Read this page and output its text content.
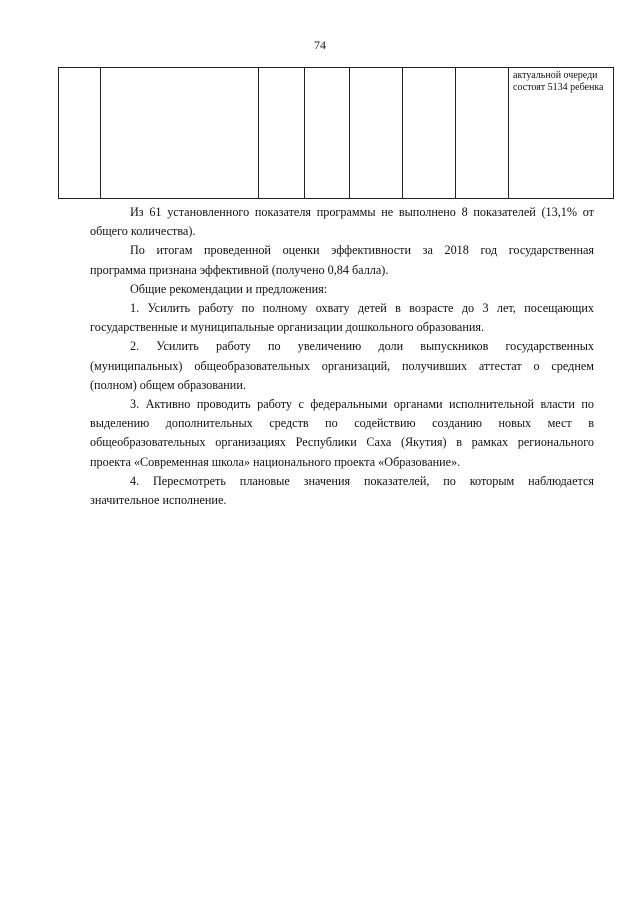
74

актуальной очереди
состоят 5134 ребенка
Из 61 установленного показателя программы не выполнено 8 показателей (13,1% от
общего количества).
По итогам проведенной оценки эффективности за 2018 год государственная
программа признана эффективной (получено 0,84 балла).
Общие рекомендации и предложения:
1. Усилить работу по полному охвату детей в возрасте до 3 лет, посещающих
государственные и муниципальные организации дошкольного образования.
2. Усилить работу по увеличению доли выпускников государственных
(муниципальных) общеобразовательных организаций, получивших аттестат о среднем
(полном) общем образовании.
3. Активно проводить работу с федеральными органами исполнительной власти по
выделению дополнительных средств по содействию созданию новых мест в
общеобразовательных организациях Республики Саха (Якутия) в рамках регионального
проекта «Современная школа» национального проекта «Образование».
4. Пересмотреть плановые значения показателей, по которым наблюдается
значительное исполнение.
